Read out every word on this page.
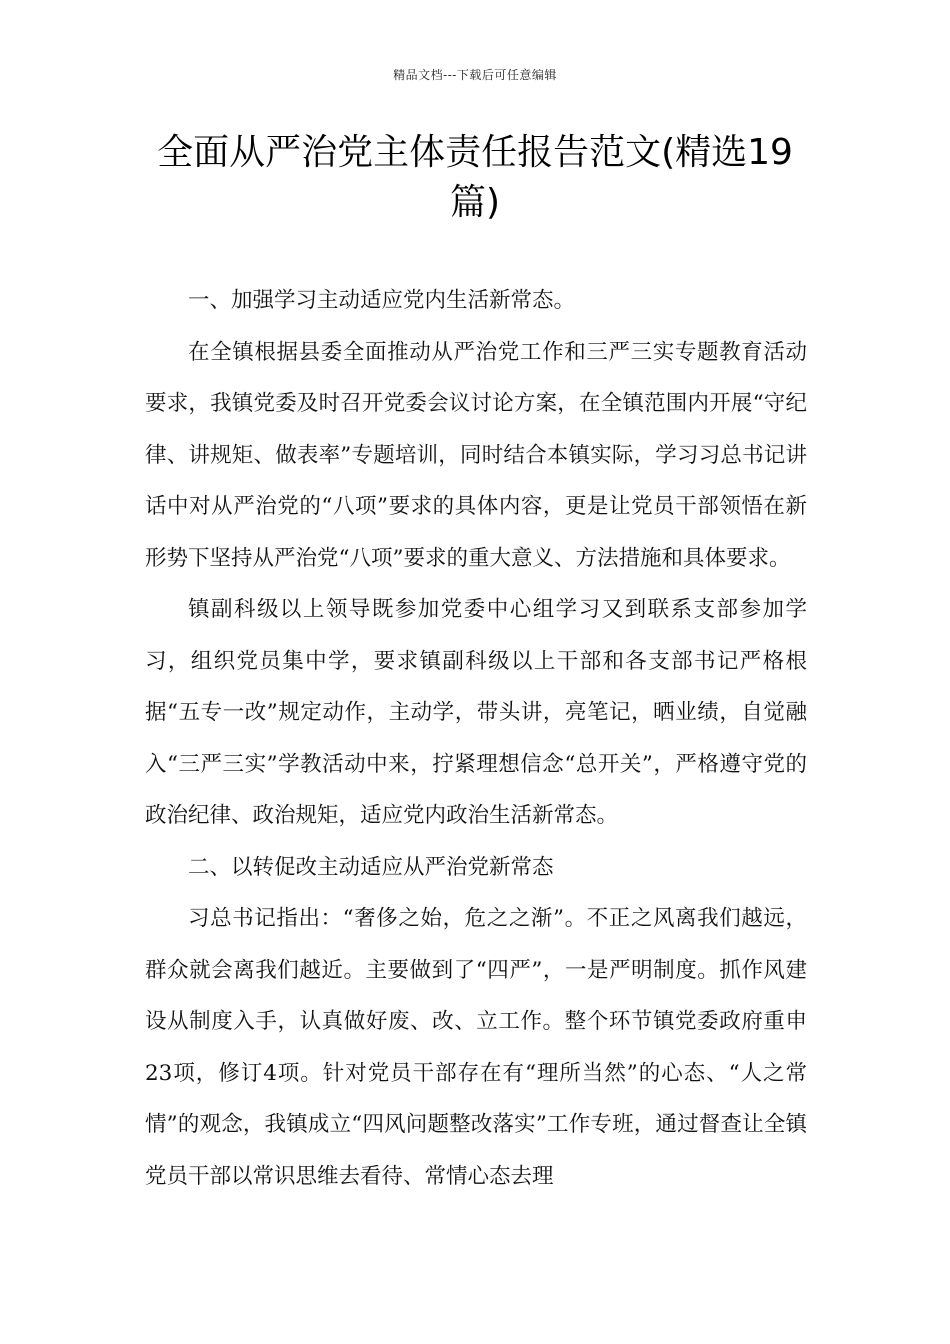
精品文档---下载后可任意编辑
全面从严治党主体责任报告范文(精选19篇)

一、加强学习主动适应党内生活新常态。

在全镇根据县委全面推动从严治党工作和三严三实专题教育活动要求，我镇党委及时召开党委会议讨论方案，在全镇范围内开展“守纪律、讲规矩、做表率”专题培训，同时结合本镇实际，学习习总书记讲话中对从严治党的“八项”要求的具体内容，更是让党员干部领悟在新形势下坚持从严治党“八项”要求的重大意义、方法措施和具体要求。

镇副科级以上领导既参加党委中心组学习又到联系支部参加学习，组织党员集中学，要求镇副科级以上干部和各支部书记严格根据“五专一改”规定动作，主动学，带头讲，亮笔记，晒业绩，自觉融入“三严三实”学教活动中来，拧紧理想信念“总开关”，严格遵守党的政治纪律、政治规矩，适应党内政治生活新常态。

二、以转促改主动适应从严治党新常态

习总书记指出：“奢侈之始，危之之渐”。不正之风离我们越远，群众就会离我们越近。主要做到了“四严”，一是严明制度。抓作风建设从制度入手，认真做好废、改、立工作。整个环节镇党委政府重申23项，修订4项。针对党员干部存在有“理所当然”的心态、“人之常情”的观念，我镇成立“四风问题整改落实”工作专班，通过督查让全镇党员干部以常识思维去看待、常情心态去理
